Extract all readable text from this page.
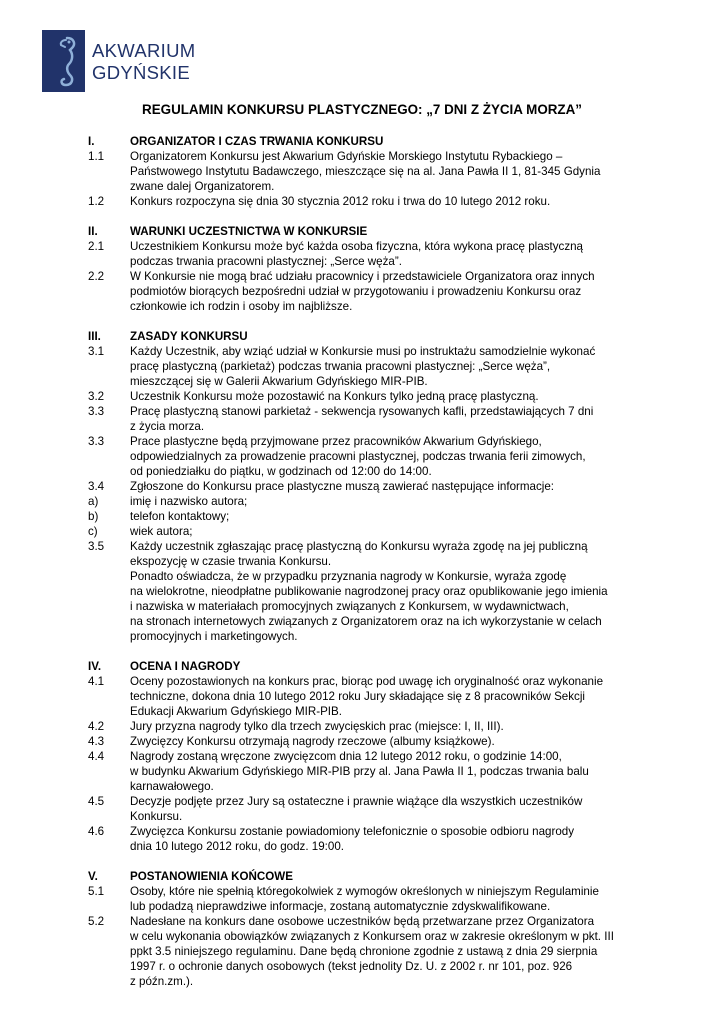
AKWARIUM
GDYŃSKIE
REGULAMIN KONKURSU PLASTYCZNEGO: „7 DNI Z ŻYCIA MORZA”
I.	ORGANIZATOR I CZAS TRWANIA KONKURSU
1.1	Organizatorem Konkursu jest Akwarium Gdyńskie Morskiego Instytutu Rybackiego –
Państwowego Instytutu Badawczego, mieszczące się na al. Jana Pawła II 1, 81-345 Gdynia
zwane dalej Organizatorem.
1.2	Konkurs rozpoczyna się dnia 30 stycznia 2012 roku i trwa do 10 lutego 2012 roku.
II.	WARUNKI UCZESTNICTWA W KONKURSIE
2.1	Uczestnikiem Konkursu może być każda osoba fizyczna, która wykona pracę plastyczną
podczas trwania pracowni plastycznej: „Serce węża”.
2.2	W Konkursie nie mogą brać udziału pracownicy i przedstawiciele Organizatora oraz innych
podmiotów biorących bezpośredni udział w przygotowaniu i prowadzeniu Konkursu oraz
członkowie ich rodzin i osoby im najbliższe.
III.	ZASADY KONKURSU
3.1	Każdy Uczestnik, aby wziąć udział w Konkursie musi po instruktażu samodzielnie wykonać
pracę plastyczną (parkietaż) podczas trwania pracowni plastycznej: „Serce węża”,
mieszczącej się w Galerii Akwarium Gdyńskiego MIR-PIB.
3.2	Uczestnik Konkursu może pozostawić na Konkurs tylko jedną pracę plastyczną.
3.3	Pracę plastyczną stanowi parkietaż - sekwencja rysowanych kafli, przedstawiających 7 dni
z życia morza.
3.3	Prace plastyczne będą przyjmowane przez pracowników Akwarium Gdyńskiego,
odpowiedzialnych za prowadzenie pracowni plastycznej, podczas trwania ferii zimowych,
od poniedziałku do piątku, w godzinach od 12:00 do 14:00.
3.4	Zgłoszone do Konkursu prace plastyczne muszą zawierać następujące informacje:
a)	imię i nazwisko autora;
b)	telefon kontaktowy;
c)	wiek autora;
3.5	Każdy uczestnik zgłaszając pracę plastyczną do Konkursu wyraża zgodę na jej publiczną
ekspozycję w czasie trwania Konkursu.
Ponadto oświadcza, że w przypadku przyznania nagrody w Konkursie, wyraża zgodę
na wielokrotne, nieodpłatne publikowanie nagrodzonej pracy oraz opublikowanie jego imienia
i nazwiska w materiałach promocyjnych związanych z Konkursem, w wydawnictwach,
na stronach internetowych związanych z Organizatorem oraz na ich wykorzystanie w celach
promocyjnych i marketingowych.
IV.	OCENA I NAGRODY
4.1	Oceny pozostawionych na konkurs prac, biorąc pod uwagę ich oryginalność oraz wykonanie
techniczne, dokona dnia 10 lutego 2012 roku Jury składające się z 8 pracowników Sekcji
Edukacji Akwarium Gdyńskiego MIR-PIB.
4.2	Jury przyzna nagrody tylko dla trzech zwycięskich prac (miejsce: I, II, III).
4.3	Zwycięzcy Konkursu otrzymają nagrody rzeczowe (albumy książkowe).
4.4	Nagrody zostaną wręczone zwycięzcom dnia 12 lutego 2012 roku, o godzinie 14:00,
w budynku Akwarium Gdyńskiego MIR-PIB przy al. Jana Pawła II 1, podczas trwania balu
karnawałowego.
4.5	Decyzje podjęte przez Jury są ostateczne i prawnie wiążące dla wszystkich uczestników
Konkursu.
4.6	Zwycięzca Konkursu zostanie powiadomiony telefonicznie o sposobie odbioru nagrody
dnia 10 lutego 2012 roku, do godz. 19:00.
V.	POSTANOWIENIA KOŃCOWE
5.1	Osoby, które nie spełnią któregokolwiek z wymogów określonych w niniejszym Regulaminie
lub podadzą nieprawdziwe informacje, zostaną automatycznie zdyskwalifikowane.
5.2	Nadesłane na konkurs dane osobowe uczestników będą przetwarzane przez Organizatora
w celu wykonania obowiązków związanych z Konkursem oraz w zakresie określonym w pkt. III
ppkt 3.5 niniejszego regulaminu. Dane będą chronione zgodnie z ustawą z dnia 29 sierpnia
1997 r. o ochronie danych osobowych (tekst jednolity Dz. U. z 2002 r. nr 101, poz. 926
z późn.zm.).
